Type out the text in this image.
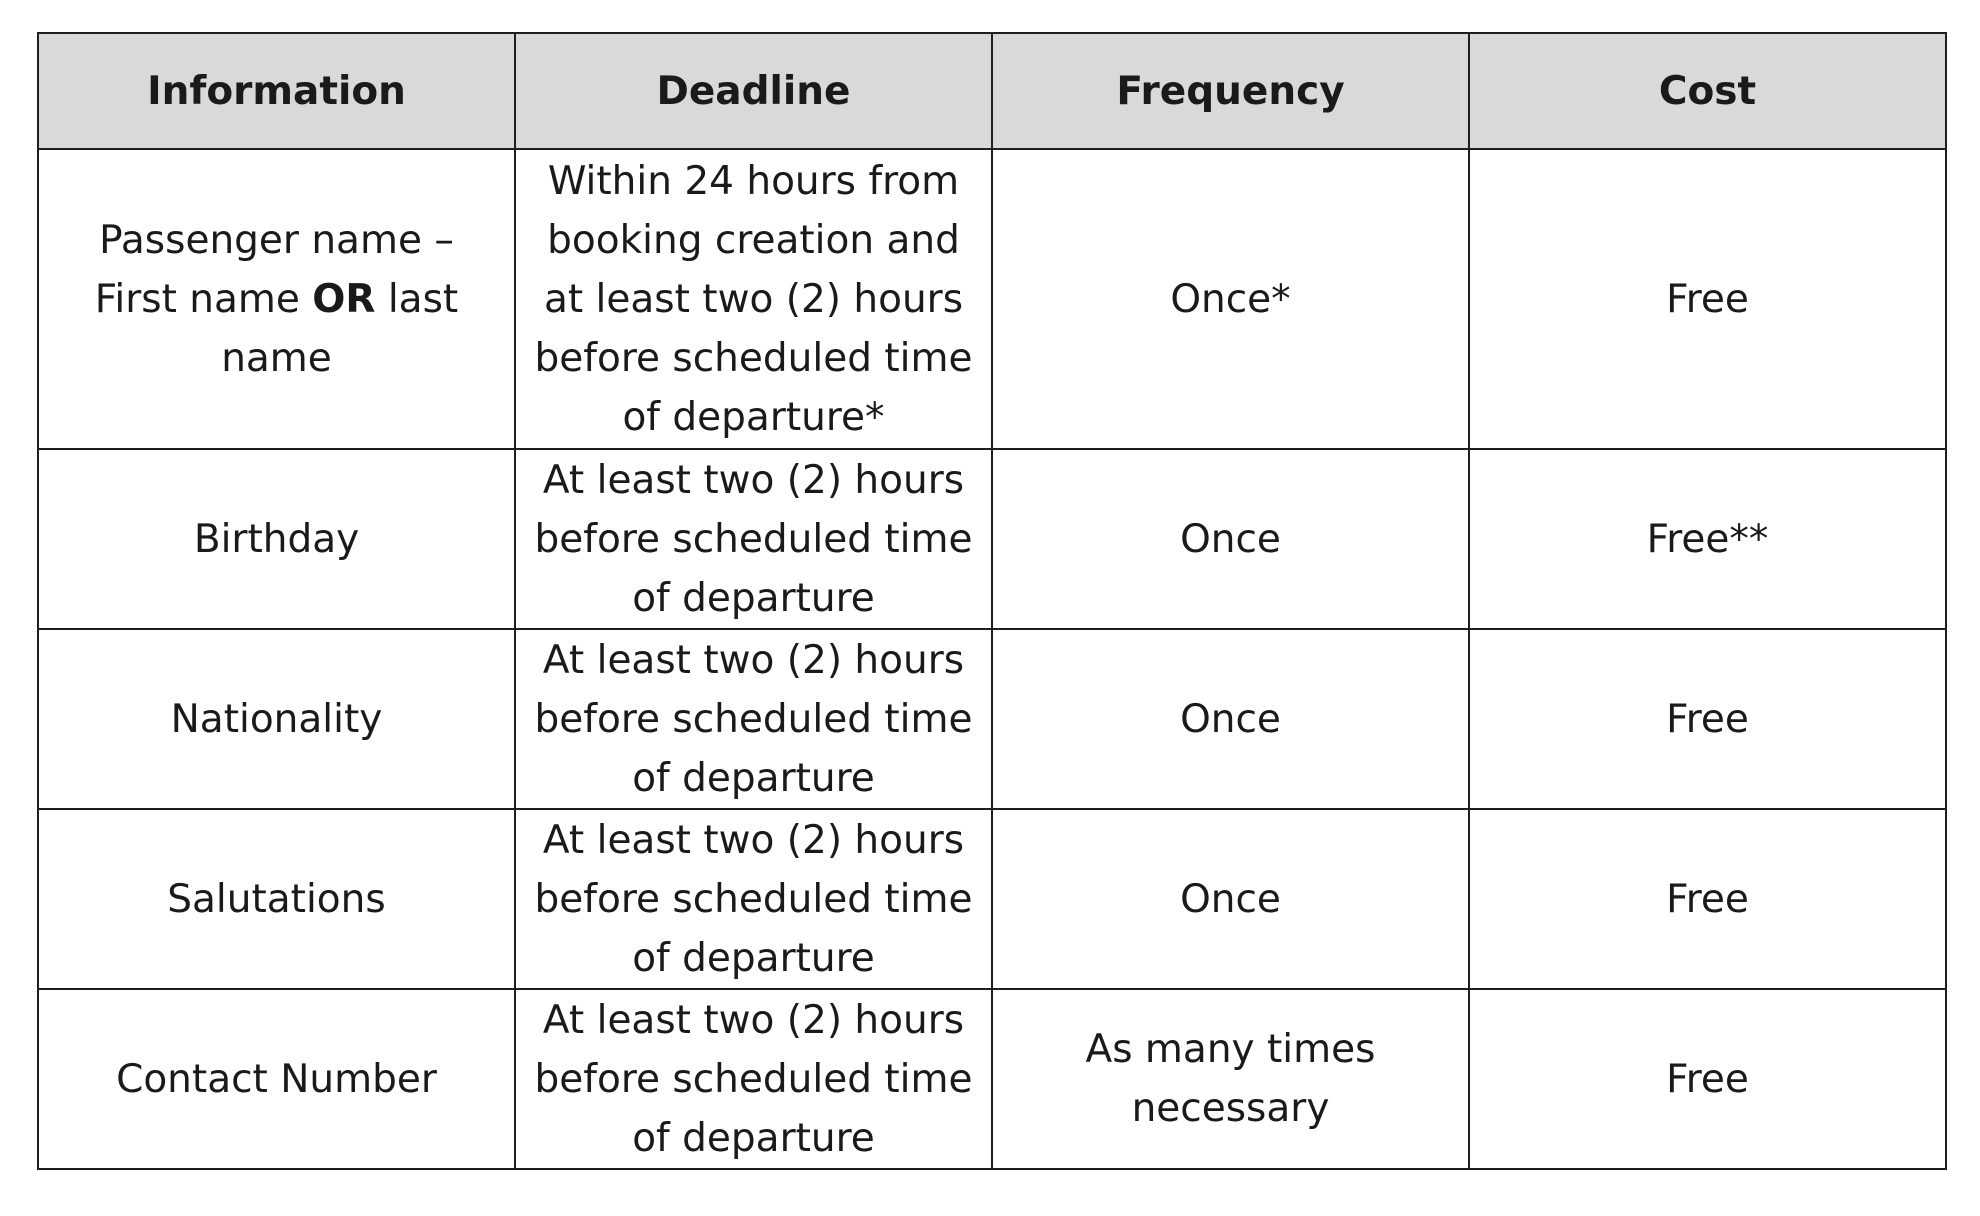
Information	Deadline	Frequency	Cost
Passenger name – First name OR last name	Within 24 hours from booking creation and at least two (2) hours before scheduled time of departure*	Once*	Free
Birthday	At least two (2) hours before scheduled time of departure	Once	Free**
Nationality	At least two (2) hours before scheduled time of departure	Once	Free
Salutations	At least two (2) hours before scheduled time of departure	Once	Free
Contact Number	At least two (2) hours before scheduled time of departure	As many times necessary	Free
